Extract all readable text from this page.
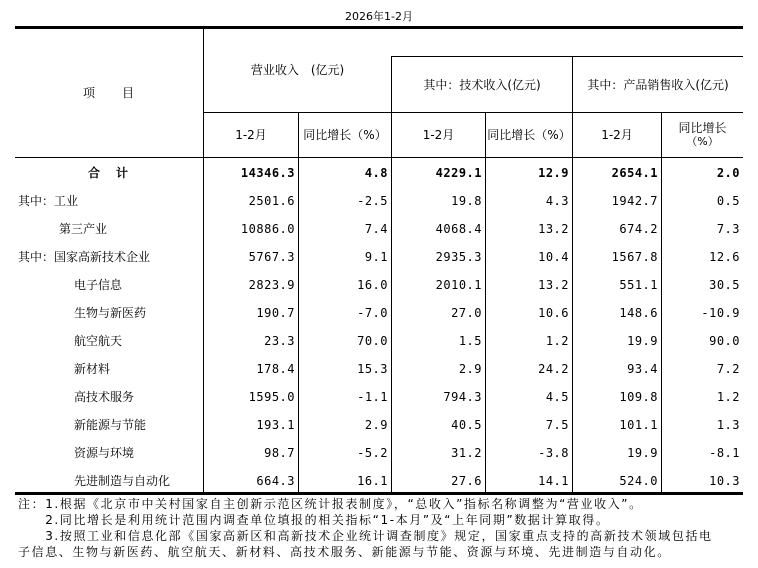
2026年1-2月
项　　目
营业收入　(亿元)
其中：技术收入(亿元)	其中：产品销售收入(亿元)
1-2月	同比增长（%）	1-2月	同比增长（%）	1-2月	同比增长
（%）
合　计	14346.3	4.8	4229.1	12.9	2654.1	2.0
其中：工业	2501.6	-2.5	19.8	4.3	1942.7	0.5
第三产业	10886.0	7.4	4068.4	13.2	674.2	7.3
其中：国家高新技术企业	5767.3	9.1	2935.3	10.4	1567.8	12.6
电子信息	2823.9	16.0	2010.1	13.2	551.1	30.5
生物与新医药	190.7	-7.0	27.0	10.6	148.6	-10.9
航空航天	23.3	70.0	1.5	1.2	19.9	90.0
新材料	178.4	15.3	2.9	24.2	93.4	7.2
高技术服务	1595.0	-1.1	794.3	4.5	109.8	1.2
新能源与节能	193.1	2.9	40.5	7.5	101.1	1.3
资源与环境	98.7	-5.2	31.2	-3.8	19.9	-8.1
先进制造与自动化	664.3	16.1	27.6	14.1	524.0	10.3
注：1.根据《北京市中关村国家自主创新示范区统计报表制度》，“总收入”指标名称调整为“营业收入”。
　　2.同比增长是利用统计范围内调查单位填报的相关指标“1-本月”及“上年同期”数据计算取得。
　　3.按照工业和信息化部《国家高新区和高新技术企业统计调查制度》规定，国家重点支持的高新技术领域包括电
子信息、生物与新医药、航空航天、新材料、高技术服务、新能源与节能、资源与环境、先进制造与自动化。
